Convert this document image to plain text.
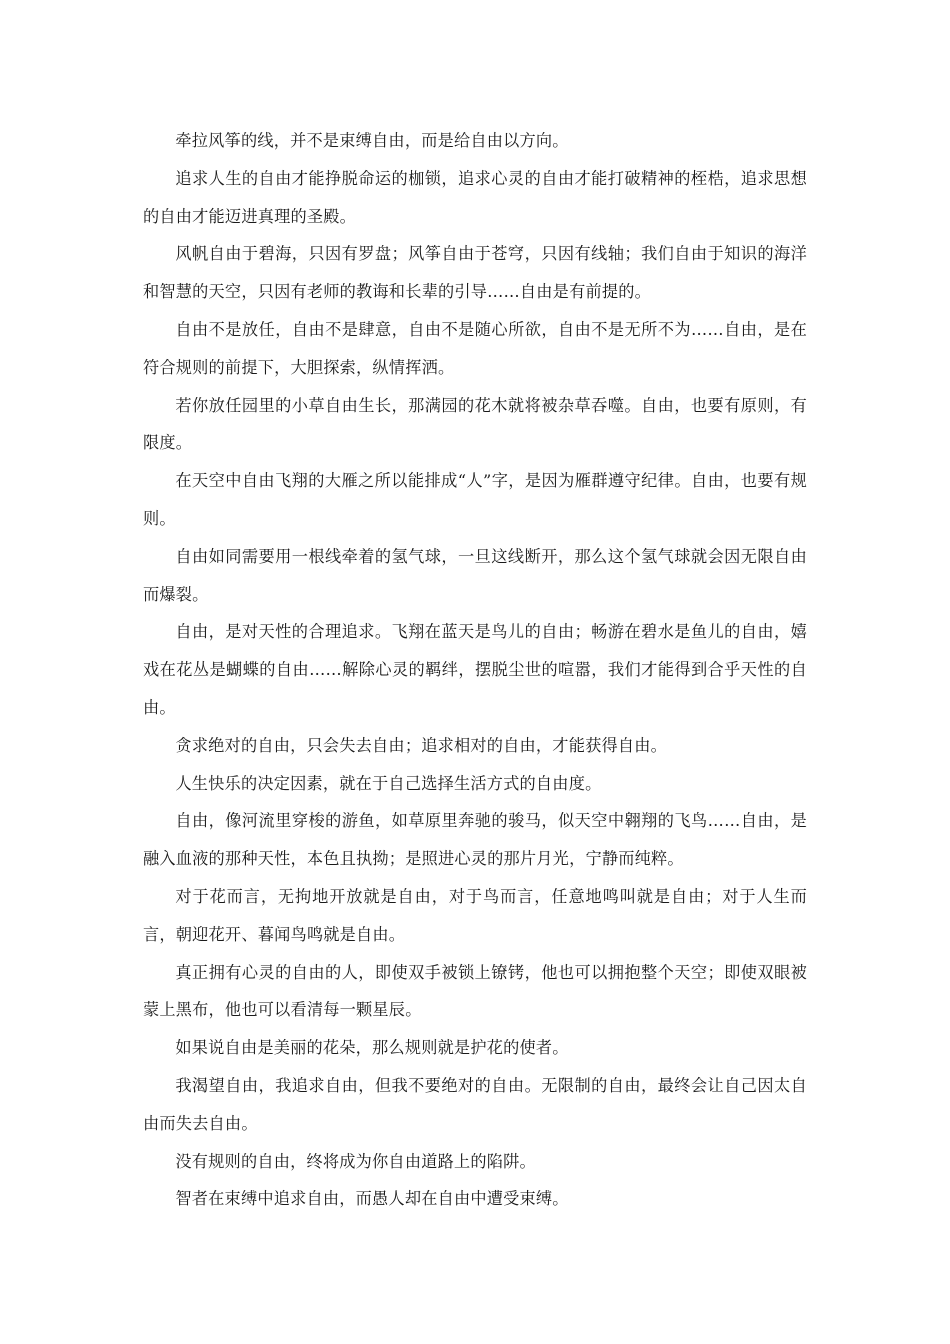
牵拉风筝的线，并不是束缚自由，而是给自由以方向。

追求人生的自由才能挣脱命运的枷锁，追求心灵的自由才能打破精神的桎梏，追求思想的自由才能迈进真理的圣殿。

风帆自由于碧海，只因有罗盘；风筝自由于苍穹，只因有线轴；我们自由于知识的海洋和智慧的天空，只因有老师的教诲和长辈的引导……自由是有前提的。

自由不是放任，自由不是肆意，自由不是随心所欲，自由不是无所不为……自由，是在符合规则的前提下，大胆探索，纵情挥洒。

若你放任园里的小草自由生长，那满园的花木就将被杂草吞噬。自由，也要有原则，有限度。

在天空中自由飞翔的大雁之所以能排成“人”字，是因为雁群遵守纪律。自由，也要有规则。

自由如同需要用一根线牵着的氢气球，一旦这线断开，那么这个氢气球就会因无限自由而爆裂。

自由，是对天性的合理追求。飞翔在蓝天是鸟儿的自由；畅游在碧水是鱼儿的自由，嬉戏在花丛是蝴蝶的自由……解除心灵的羁绊，摆脱尘世的喧嚣，我们才能得到合乎天性的自由。

贪求绝对的自由，只会失去自由；追求相对的自由，才能获得自由。

人生快乐的决定因素，就在于自己选择生活方式的自由度。

自由，像河流里穿梭的游鱼，如草原里奔驰的骏马，似天空中翱翔的飞鸟……自由，是融入血液的那种天性，本色且执拗；是照进心灵的那片月光，宁静而纯粹。

对于花而言，无拘地开放就是自由，对于鸟而言，任意地鸣叫就是自由；对于人生而言，朝迎花开、暮闻鸟鸣就是自由。

真正拥有心灵的自由的人，即使双手被锁上镣铐，他也可以拥抱整个天空；即使双眼被蒙上黑布，他也可以看清每一颗星辰。

如果说自由是美丽的花朵，那么规则就是护花的使者。

我渴望自由，我追求自由，但我不要绝对的自由。无限制的自由，最终会让自己因太自由而失去自由。

没有规则的自由，终将成为你自由道路上的陷阱。

智者在束缚中追求自由，而愚人却在自由中遭受束缚。
